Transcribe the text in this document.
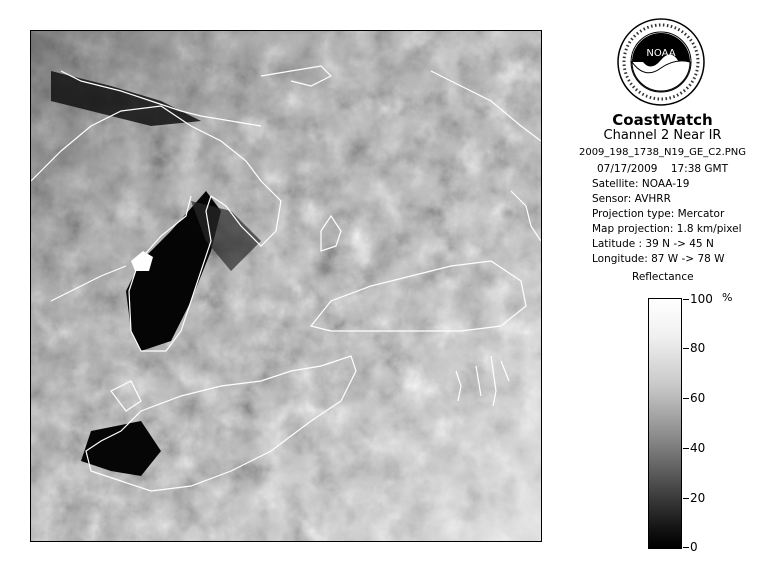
NOAA
CoastWatch
Channel 2 Near IR
2009_198_1738_N19_GE_C2.PNG
07/17/2009    17:38 GMT
Satellite: NOAA-19
Sensor: AVHRR
Projection type: Mercator
Map projection: 1.8 km/pixel
Latitude : 39 N -> 45 N
Longitude: 87 W -> 78 W
Reflectance
%
100
80
60
40
20
0
